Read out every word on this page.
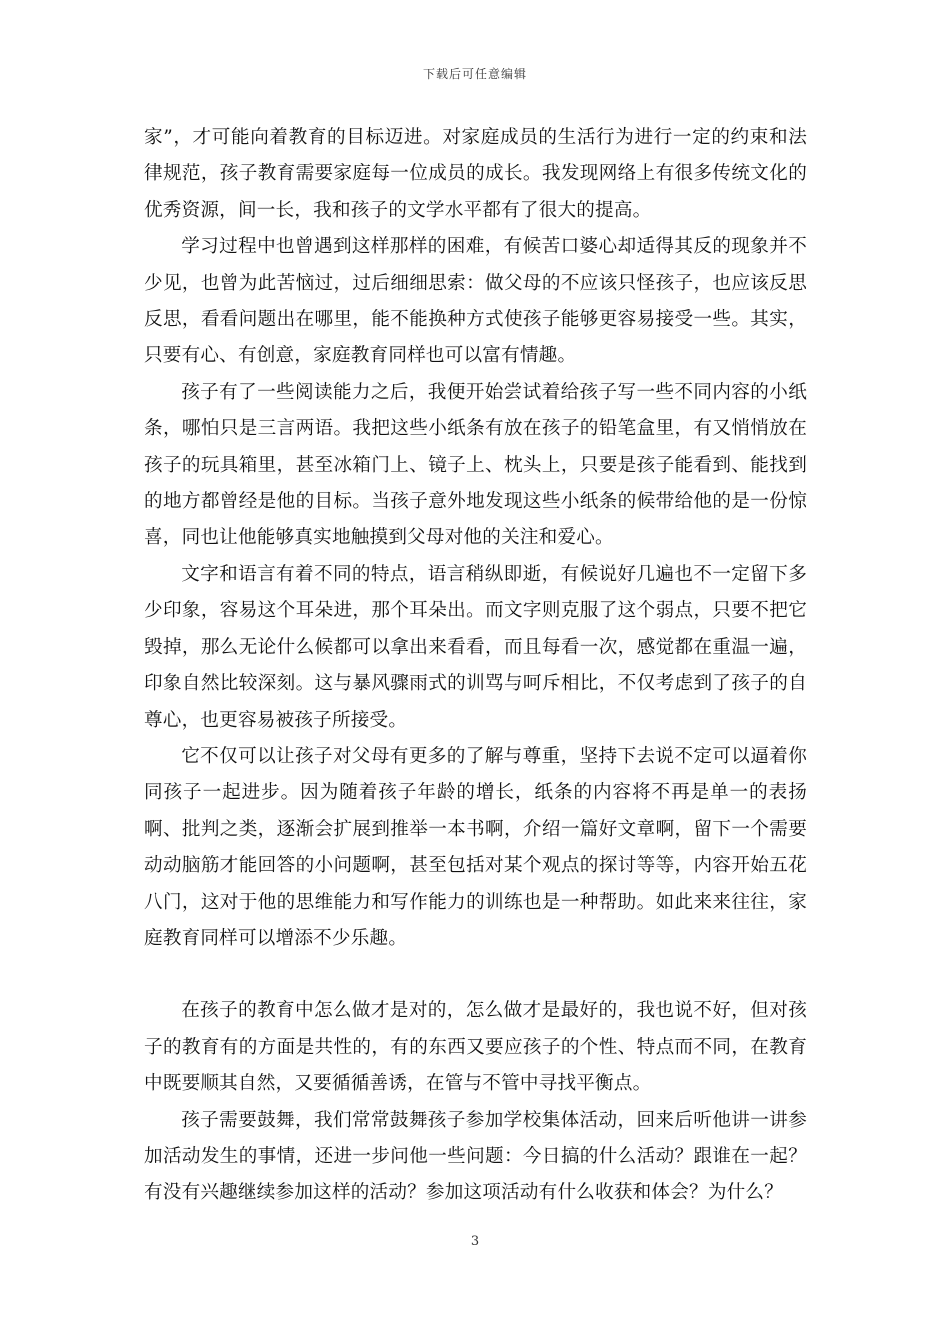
下载后可任意编辑

家”，才可能向着教育的目标迈进。对家庭成员的生活行为进行一定的约束和法律规范，孩子教育需要家庭每一位成员的成长。我发现网络上有很多传统文化的优秀资源，间一长，我和孩子的文学水平都有了很大的提高。

学习过程中也曾遇到这样那样的困难，有候苦口婆心却适得其反的现象并不少见，也曾为此苦恼过，过后细细思索：做父母的不应该只怪孩子，也应该反思反思，看看问题出在哪里，能不能换种方式使孩子能够更容易接受一些。其实，只要有心、有创意，家庭教育同样也可以富有情趣。

孩子有了一些阅读能力之后，我便开始尝试着给孩子写一些不同内容的小纸条，哪怕只是三言两语。我把这些小纸条有放在孩子的铅笔盒里，有又悄悄放在孩子的玩具箱里，甚至冰箱门上、镜子上、枕头上，只要是孩子能看到、能找到的地方都曾经是他的目标。当孩子意外地发现这些小纸条的候带给他的是一份惊喜，同也让他能够真实地触摸到父母对他的关注和爱心。

文字和语言有着不同的特点，语言稍纵即逝，有候说好几遍也不一定留下多少印象，容易这个耳朵进，那个耳朵出。而文字则克服了这个弱点，只要不把它毁掉，那么无论什么候都可以拿出来看看，而且每看一次，感觉都在重温一遍，印象自然比较深刻。这与暴风骤雨式的训骂与呵斥相比，不仅考虑到了孩子的自尊心，也更容易被孩子所接受。

它不仅可以让孩子对父母有更多的了解与尊重，坚持下去说不定可以逼着你同孩子一起进步。因为随着孩子年龄的增长，纸条的内容将不再是单一的表扬啊、批判之类，逐渐会扩展到推举一本书啊，介绍一篇好文章啊，留下一个需要动动脑筋才能回答的小问题啊，甚至包括对某个观点的探讨等等，内容开始五花八门，这对于他的思维能力和写作能力的训练也是一种帮助。如此来来往往，家庭教育同样可以增添不少乐趣。

在孩子的教育中怎么做才是对的，怎么做才是最好的，我也说不好，但对孩子的教育有的方面是共性的，有的东西又要应孩子的个性、特点而不同，在教育中既要顺其自然，又要循循善诱，在管与不管中寻找平衡点。

孩子需要鼓舞，我们常常鼓舞孩子参加学校集体活动，回来后听他讲一讲参加活动发生的事情，还进一步问他一些问题：今日搞的什么活动？跟谁在一起？有没有兴趣继续参加这样的活动？参加这项活动有什么收获和体会？为什么？

3
